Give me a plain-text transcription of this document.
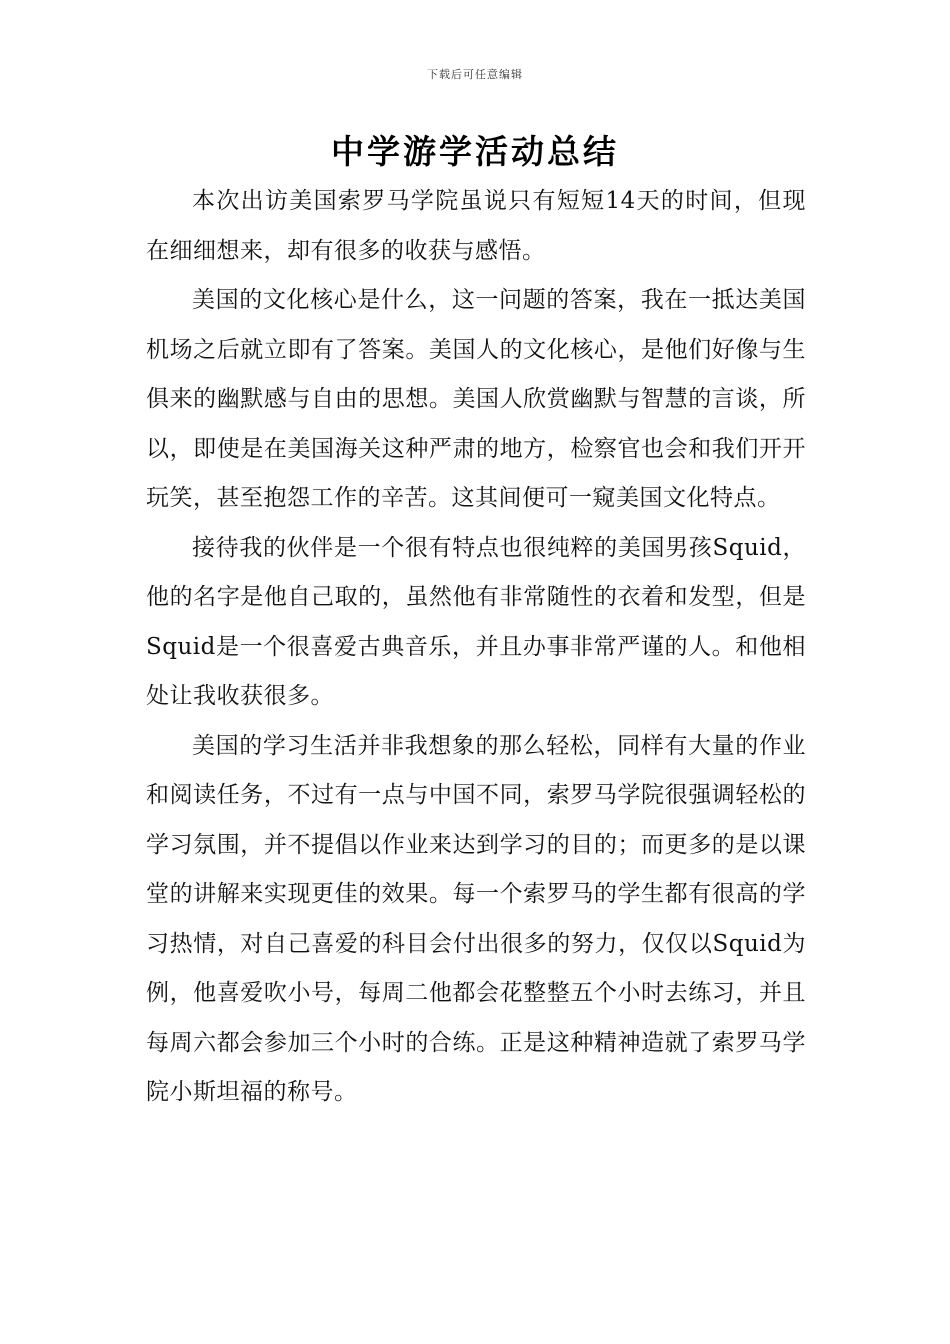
下载后可任意编辑
中学游学活动总结

本次出访美国索罗马学院虽说只有短短14天的时间，但现在细细想来，却有很多的收获与感悟。

美国的文化核心是什么，这一问题的答案，我在一抵达美国机场之后就立即有了答案。美国人的文化核心，是他们好像与生俱来的幽默感与自由的思想。美国人欣赏幽默与智慧的言谈，所以，即使是在美国海关这种严肃的地方，检察官也会和我们开开玩笑，甚至抱怨工作的辛苦。这其间便可一窥美国文化特点。

接待我的伙伴是一个很有特点也很纯粹的美国男孩Squid，他的名字是他自己取的，虽然他有非常随性的衣着和发型，但是Squid是一个很喜爱古典音乐，并且办事非常严谨的人。和他相处让我收获很多。

美国的学习生活并非我想象的那么轻松，同样有大量的作业和阅读任务，不过有一点与中国不同，索罗马学院很强调轻松的学习氛围，并不提倡以作业来达到学习的目的；而更多的是以课堂的讲解来实现更佳的效果。每一个索罗马的学生都有很高的学习热情，对自己喜爱的科目会付出很多的努力，仅仅以Squid为例，他喜爱吹小号，每周二他都会花整整五个小时去练习，并且每周六都会参加三个小时的合练。正是这种精神造就了索罗马学院小斯坦福的称号。
